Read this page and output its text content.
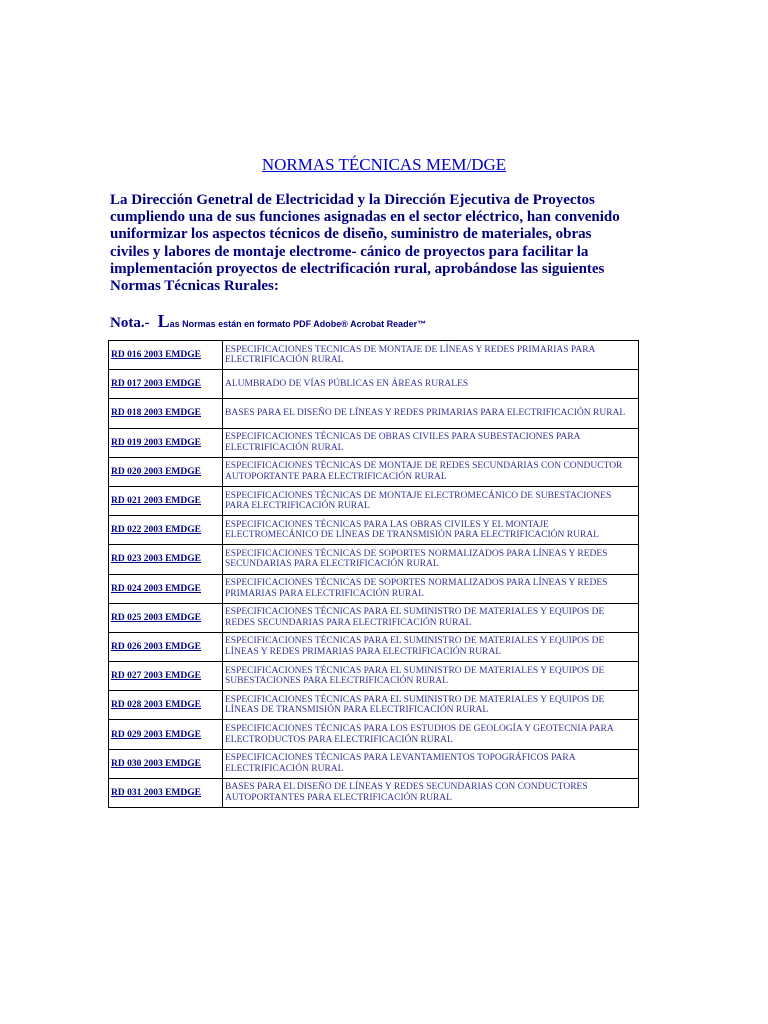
NORMAS TÉCNICAS MEM/DGE
La Dirección Genetral de Electricidad y la Dirección Ejecutiva de Proyectos cumpliendo una de sus funciones asignadas en el sector eléctrico, han convenido uniformizar los aspectos técnicos de diseño, suministro de materiales, obras civiles y labores de montaje electrome- cánico de proyectos para facilitar la implementación proyectos de electrificación rural, aprobándose las siguientes Normas Técnicas Rurales:
Nota.- Las Normas están en formato PDF Adobe® Acrobat Reader™
RD 016 2003 EMDGE	ESPECIFICACIONES TECNICAS DE MONTAJE DE LÍNEAS Y REDES PRIMARIAS PARA ELECTRIFICACIÓN RURAL
RD 017 2003 EMDGE	ALUMBRADO DE VÍAS PÚBLICAS EN ÁREAS RURALES
RD 018 2003 EMDGE	BASES PARA EL DISEÑO DE LÍNEAS Y REDES PRIMARIAS PARA ELECTRIFICACIÓN RURAL
RD 019 2003 EMDGE	ESPECIFICACIONES TÉCNICAS DE OBRAS CIVILES PARA SUBESTACIONES PARA ELECTRIFICACIÓN RURAL
RD 020 2003 EMDGE	ESPECIFICACIONES TÉCNICAS DE MONTAJE DE REDES SECUNDARIAS CON CONDUCTOR AUTOPORTANTE PARA ELECTRIFICACIÓN RURAL
RD 021 2003 EMDGE	ESPECIFICACIONES TÉCNICAS DE MONTAJE ELECTROMECÁNICO DE SUBESTACIONES PARA ELECTRIFICACIÓN RURAL
RD 022 2003 EMDGE	ESPECIFICACIONES TÉCNICAS PARA LAS OBRAS CIVILES Y EL MONTAJE ELECTROMECÁNICO DE LÍNEAS DE TRANSMISIÓN PARA ELECTRIFICACIÓN RURAL
RD 023 2003 EMDGE	ESPECIFICACIONES TÉCNICAS DE SOPORTES NORMALIZADOS PARA LÍNEAS Y REDES SECUNDARIAS PARA ELECTRIFICACIÓN RURAL
RD 024 2003 EMDGE	ESPECIFICACIONES TÉCNICAS DE SOPORTES NORMALIZADOS PARA LÍNEAS Y REDES PRIMARIAS PARA ELECTRIFICACIÓN RURAL
RD 025 2003 EMDGE	ESPECIFICACIONES TÉCNICAS PARA EL SUMINISTRO DE MATERIALES Y EQUIPOS DE REDES SECUNDARIAS PARA ELECTRIFICACIÓN RURAL
RD 026 2003 EMDGE	ESPECIFICACIONES TÉCNICAS PARA EL SUMINISTRO DE MATERIALES Y EQUIPOS DE LÍNEAS Y REDES PRIMARIAS PARA ELECTRIFICACIÓN RURAL
RD 027 2003 EMDGE	ESPECIFICACIONES TÉCNICAS PARA EL SUMINISTRO DE MATERIALES Y EQUIPOS DE SUBESTACIONES PARA ELECTRIFICACIÓN RURAL
RD 028 2003 EMDGE	ESPECIFICACIONES TÉCNICAS PARA EL SUMINISTRO DE MATERIALES Y EQUIPOS DE LÍNEAS DE TRANSMISIÓN PARA ELECTRIFICACIÓN RURAL
RD 029 2003 EMDGE	ESPECIFICACIONES TÉCNICAS PARA LOS ESTUDIOS DE GEOLOGÍA Y GEOTECNIA PARA ELECTRODUCTOS PARA ELECTRIFICACIÓN RURAL
RD 030 2003 EMDGE	ESPECIFICACIONES TÉCNICAS PARA LEVANTAMIENTOS TOPOGRÁFICOS PARA ELECTRIFICACIÓN RURAL
RD 031 2003 EMDGE	BASES PARA EL DISEÑO DE LÍNEAS Y REDES SECUNDARIAS CON CONDUCTORES AUTOPORTANTES PARA ELECTRIFICACIÓN RURAL
